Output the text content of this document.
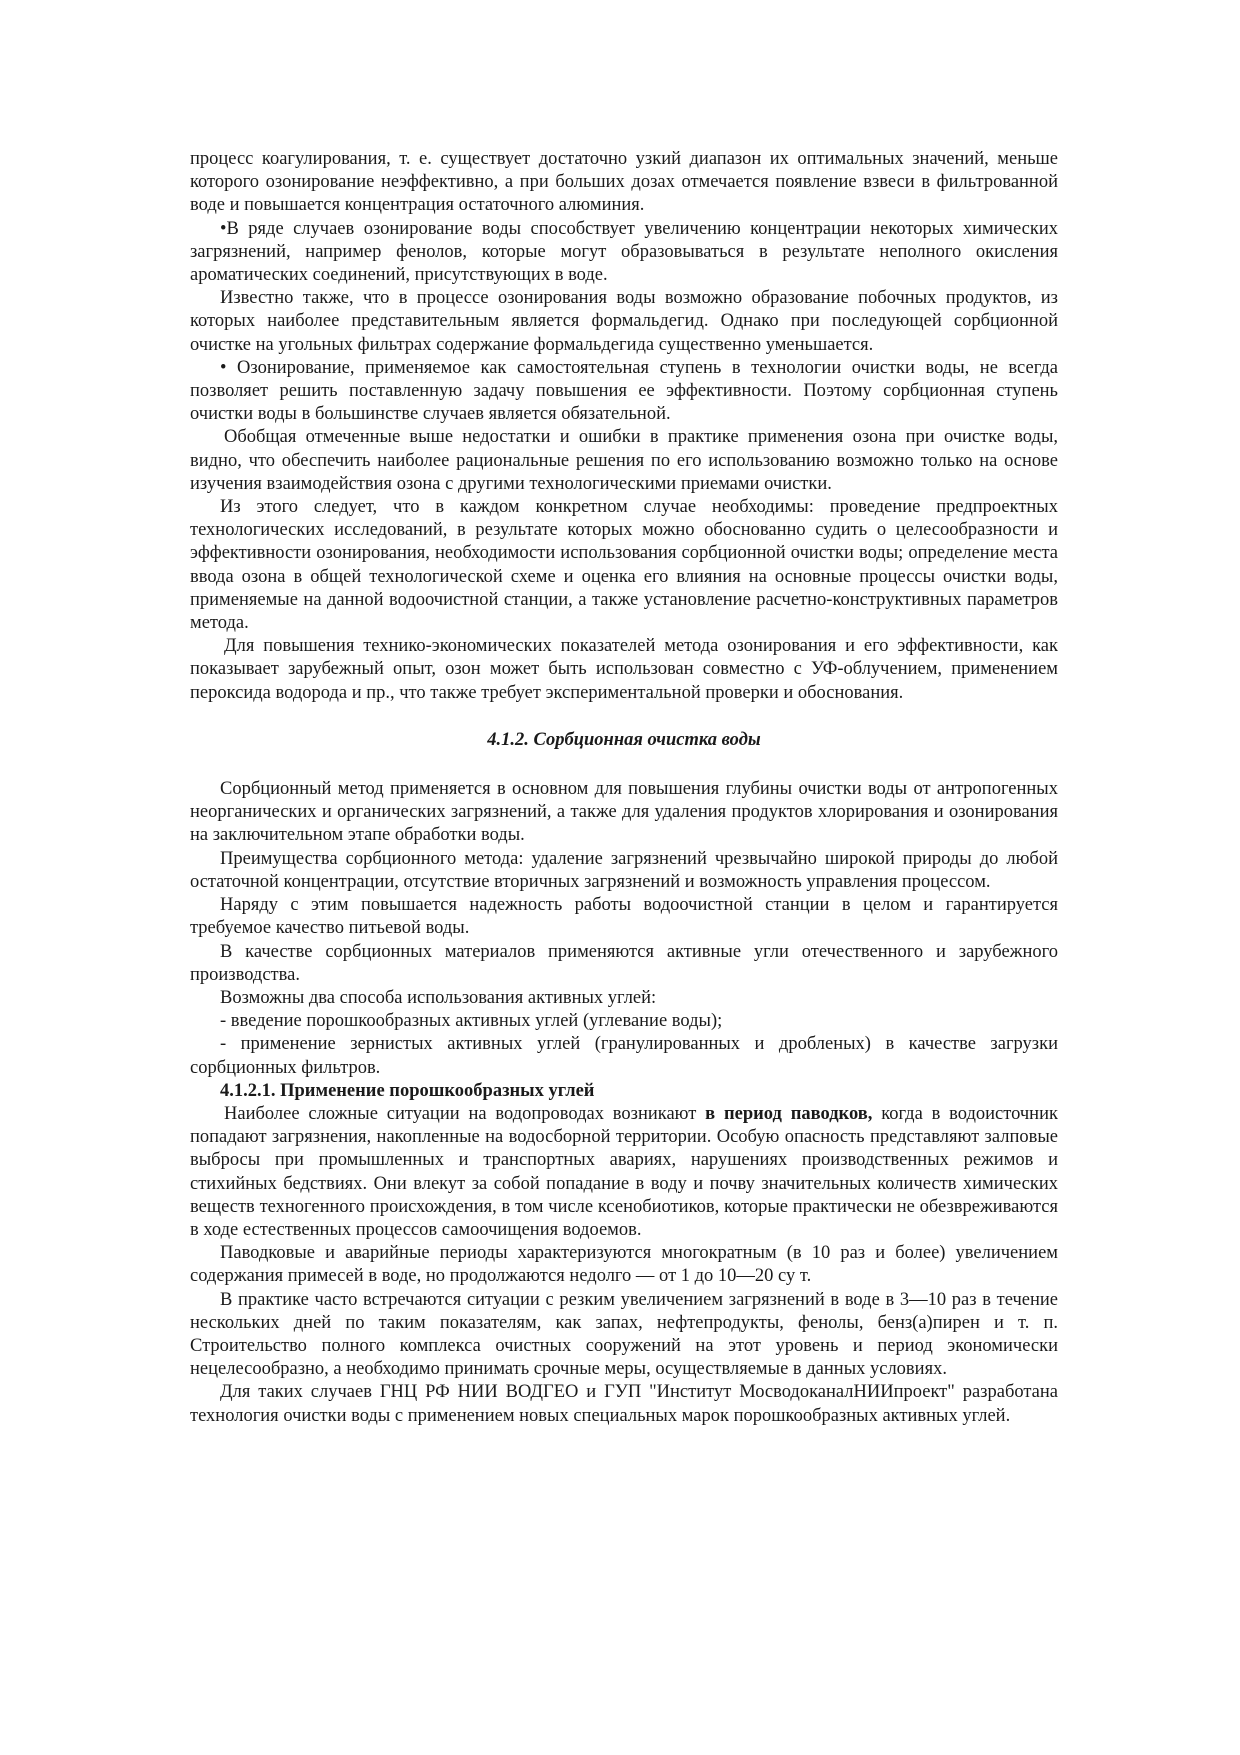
процесс коагулирования, т. е. существует достаточно узкий диапазон их оптимальных значений, меньше которого озонирование неэффективно, а при больших дозах отмечается появление взвеси в фильтрованной воде и повышается концентрация остаточного алюминия.

•В ряде случаев озонирование воды способствует увеличению концентрации некоторых химических загрязнений, например фенолов, которые могут образовываться в результате неполного окисления ароматических соединений, присутствующих в воде.

Известно также, что в процессе озонирования воды возможно образование побочных продуктов, из которых наиболее представительным является формальдегид. Однако при последующей сорбционной очистке на угольных фильтрах содержание формальдегида существенно уменьшается.

• Озонирование, применяемое как самостоятельная ступень в технологии очистки воды, не всегда позволяет решить поставленную задачу повышения ее эффективности. Поэтому сорбционная ступень очистки воды в большинстве случаев является обязательной.

Обобщая отмеченные выше недостатки и ошибки в практике применения озона при очистке воды, видно, что обеспечить наиболее рациональные решения по его использованию возможно только на основе изучения взаимодействия озона с другими технологическими приемами очистки.

Из этого следует, что в каждом конкретном случае необходимы: проведение предпроектных технологических исследований, в результате которых можно обоснованно судить о целесообразности и эффективности озонирования, необходимости использования сорбционной очистки воды; определение места ввода озона в общей технологической схеме и оценка его влияния на основные процессы очистки воды, применяемые на данной водоочистной станции, а также установление расчетно-конструктивных параметров метода.

Для повышения технико-экономических показателей метода озонирования и его эффективности, как показывает зарубежный опыт, озон может быть использован совместно с УФ-облучением, применением пероксида водорода и пр., что также требует экспериментальной проверки и обоснования.

4.1.2. Сорбционная очистка воды

Сорбционный метод применяется в основном для повышения глубины очистки воды от антропогенных неорганических и органических загрязнений, а также для удаления продуктов хлорирования и озонирования на заключительном этапе обработки воды.

Преимущества сорбционного метода: удаление загрязнений чрезвычайно широкой природы до любой остаточной концентрации, отсутствие вторичных загрязнений и возможность управления процессом.

Наряду с этим повышается надежность работы водоочистной станции в целом и гарантируется требуемое качество питьевой воды.

В качестве сорбционных материалов применяются активные угли отечественного и зарубежного производства.

Возможны два способа использования активных углей:

- введение порошкообразных активных углей (углевание воды);

- применение зернистых активных углей (гранулированных и дробленых) в качестве загрузки сорбционных фильтров.

4.1.2.1. Применение порошкообразных углей

Наиболее сложные ситуации на водопроводах возникают в период паводков, когда в водоисточник попадают загрязнения, накопленные на водосборной территории. Особую опасность представляют залповые выбросы при промышленных и транспортных авариях, нарушениях производственных режимов и стихийных бедствиях. Они влекут за собой попадание в воду и почву значительных количеств химических веществ техногенного происхождения, в том числе ксенобиотиков, которые практически не обезвреживаются в ходе естественных процессов самоочищения водоемов.

Паводковые и аварийные периоды характеризуются многократным (в 10 раз и более) увеличением содержания примесей в воде, но продолжаются недолго — от 1 до 10—20 су т.

В практике часто встречаются ситуации с резким увеличением загрязнений в воде в 3—10 раз в течение нескольких дней по таким показателям, как запах, нефтепродукты, фенолы, бенз(а)пирен и т. п. Строительство полного комплекса очистных сооружений на этот уровень и период экономически нецелесообразно, а необходимо принимать срочные меры, осуществляемые в данных условиях.

Для таких случаев ГНЦ РФ НИИ ВОДГЕО и ГУП "Институт МосводоканалНИИпроект" разработана технология очистки воды с применением новых специальных марок порошкообразных активных углей.
